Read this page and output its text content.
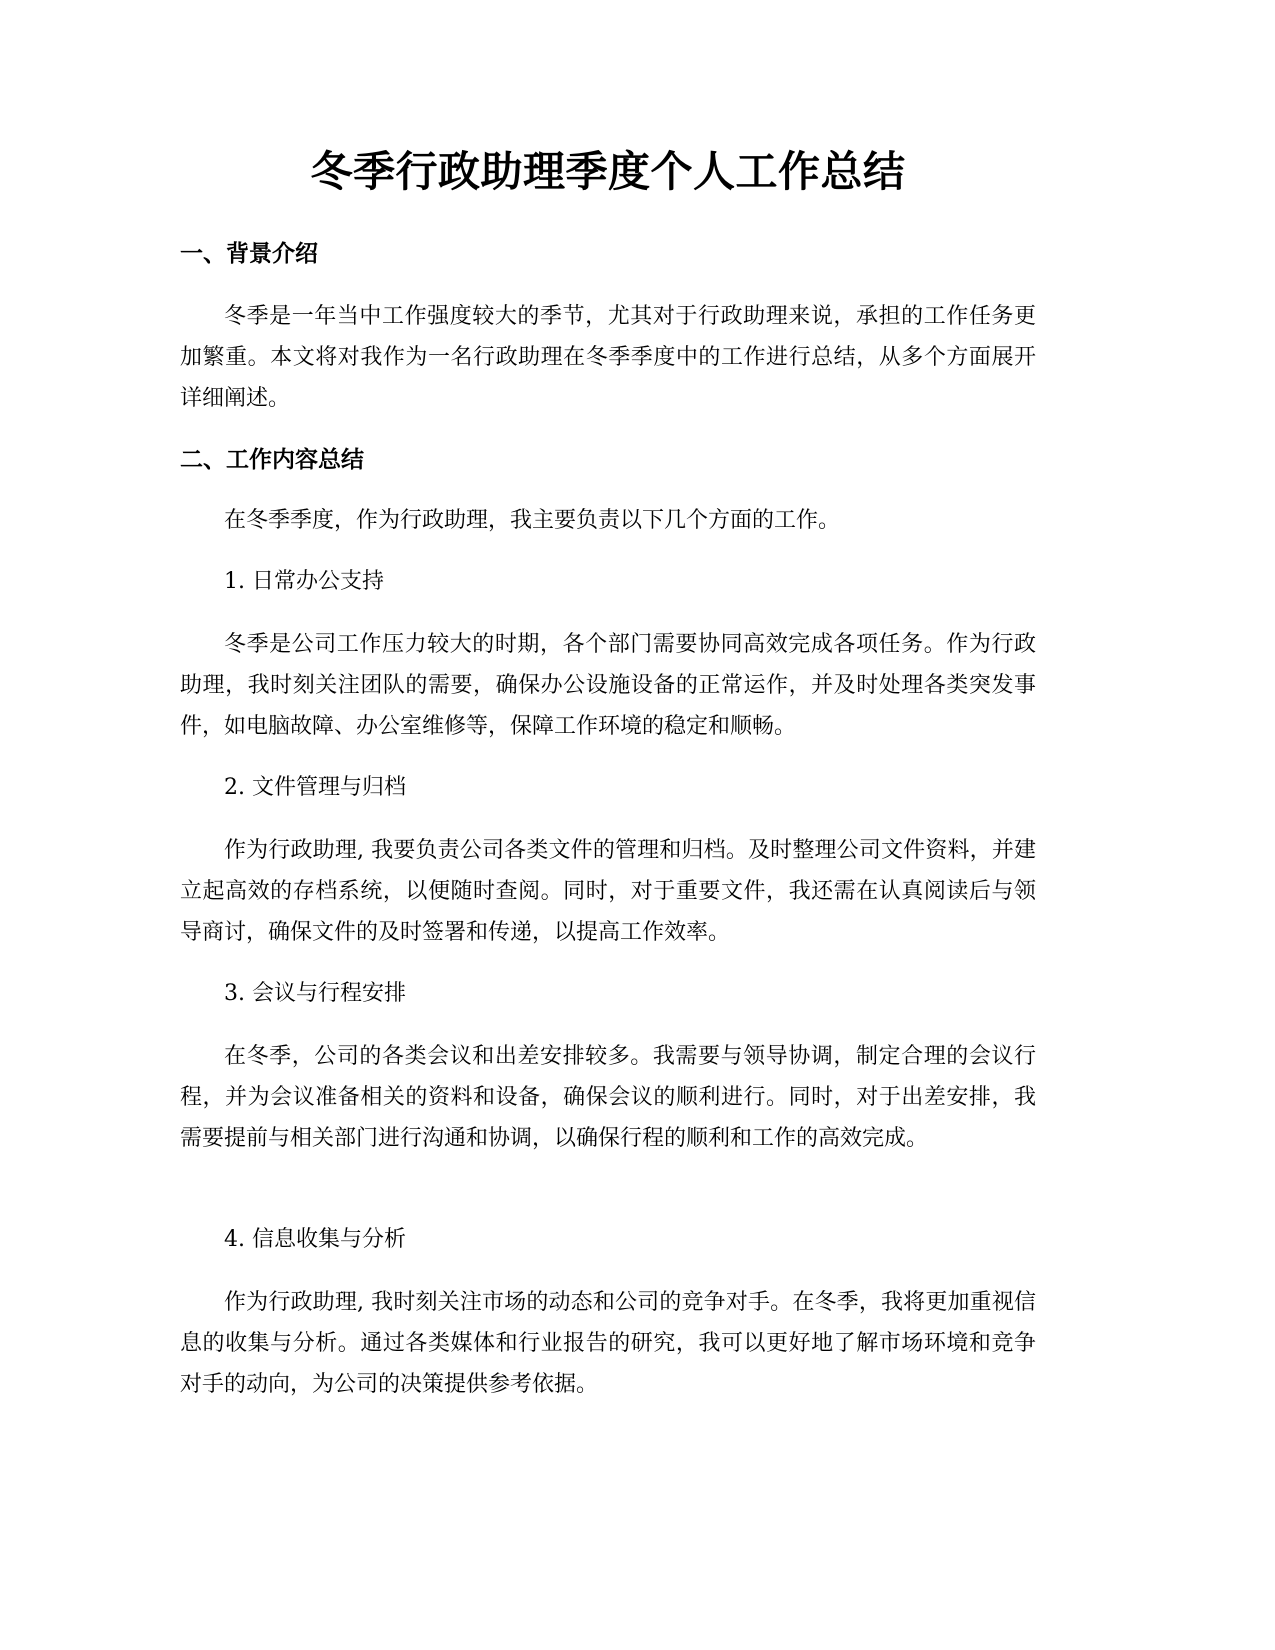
冬季行政助理季度个人工作总结
一、背景介绍

冬季是一年当中工作强度较大的季节，尤其对于行政助理来说，承担的工作任务更加繁重。本文将对我作为一名行政助理在冬季季度中的工作进行总结，从多个方面展开详细阐述。

二、工作内容总结

在冬季季度，作为行政助理，我主要负责以下几个方面的工作。

1. 日常办公支持

冬季是公司工作压力较大的时期，各个部门需要协同高效完成各项任务。作为行政助理，我时刻关注团队的需要，确保办公设施设备的正常运作，并及时处理各类突发事件，如电脑故障、办公室维修等，保障工作环境的稳定和顺畅。

2. 文件管理与归档

作为行政助理, 我要负责公司各类文件的管理和归档。及时整理公司文件资料，并建立起高效的存档系统，以便随时查阅。同时，对于重要文件，我还需在认真阅读后与领导商讨，确保文件的及时签署和传递，以提高工作效率。

3. 会议与行程安排

在冬季，公司的各类会议和出差安排较多。我需要与领导协调，制定合理的会议行程，并为会议准备相关的资料和设备，确保会议的顺利进行。同时，对于出差安排，我需要提前与相关部门进行沟通和协调，以确保行程的顺利和工作的高效完成。

4. 信息收集与分析

作为行政助理, 我时刻关注市场的动态和公司的竞争对手。在冬季，我将更加重视信息的收集与分析。通过各类媒体和行业报告的研究，我可以更好地了解市场环境和竞争对手的动向，为公司的决策提供参考依据。
